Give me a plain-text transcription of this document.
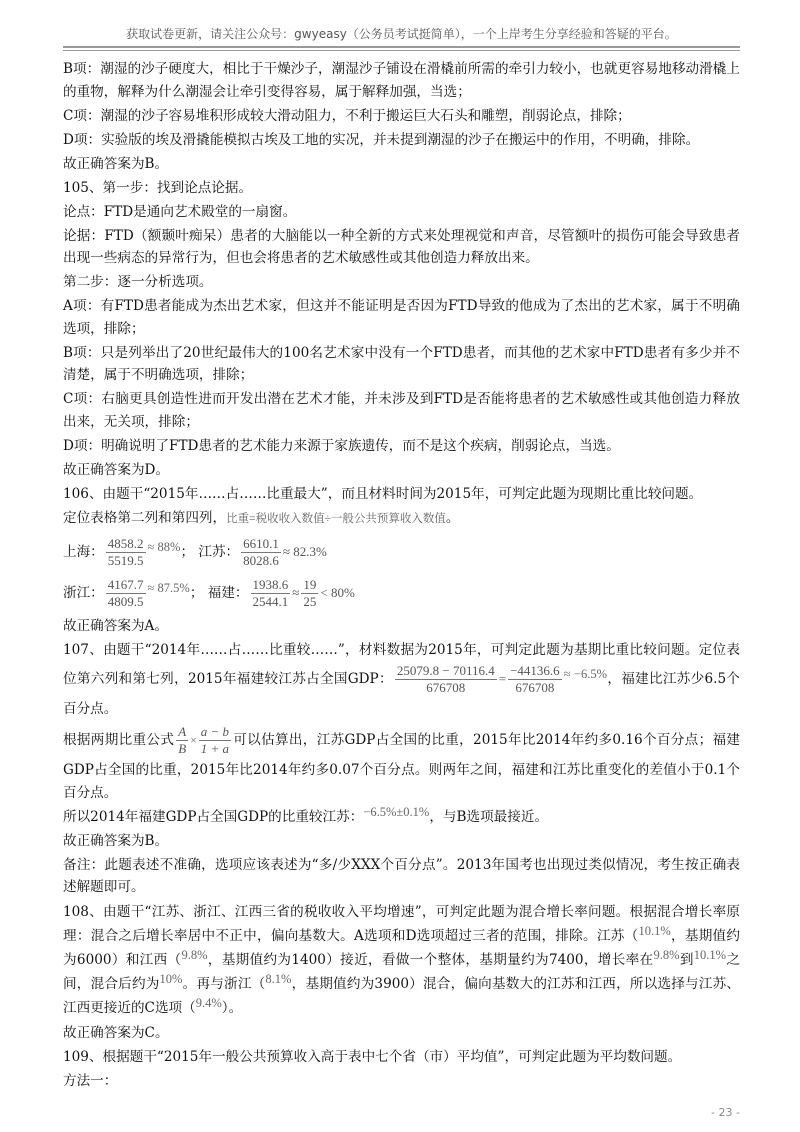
获取试卷更新，请关注公众号：gwyeasy（公务员考试挺简单），一个上岸考生分享经验和答疑的平台。

B项：潮湿的沙子硬度大，相比于干燥沙子，潮湿沙子铺设在滑橇前所需的牵引力较小，也就更容易地移动滑橇上的重物，解释为什么潮湿会让牵引变得容易，属于解释加强，当选；

C项：潮湿的沙子容易堆积形成较大滑动阻力，不利于搬运巨大石头和雕塑，削弱论点，排除；

D项：实验版的埃及滑撬能模拟古埃及工地的实况，并未提到潮湿的沙子在搬运中的作用，不明确，排除。

故正确答案为B。

105、第一步：找到论点论据。

论点：FTD是通向艺术殿堂的一扇窗。

论据：FTD（额颞叶痴呆）患者的大脑能以一种全新的方式来处理视觉和声音，尽管额叶的损伤可能会导致患者出现一些病态的异常行为，但也会将患者的艺术敏感性或其他创造力释放出来。

第二步：逐一分析选项。

A项：有FTD患者能成为杰出艺术家，但这并不能证明是否因为FTD导致的他成为了杰出的艺术家，属于不明确选项，排除；

B项：只是列举出了20世纪最伟大的100名艺术家中没有一个FTD患者，而其他的艺术家中FTD患者有多少并不清楚，属于不明确选项，排除；

C项：右脑更具创造性进而开发出潜在艺术才能，并未涉及到FTD是否能将患者的艺术敏感性或其他创造力释放出来，无关项，排除；

D项：明确说明了FTD患者的艺术能力来源于家族遗传，而不是这个疾病，削弱论点，当选。

故正确答案为D。

106、由题干“2015年……占……比重最大”，而且材料时间为2015年，可判定此题为现期比重比较问题。

定位表格第二列和第四列，比重=税收收入数值÷一般公共预算收入数值。

上海： $\frac{4858.2}{5519.5} \approx 88\%$； 江苏： $\frac{6610.1}{8028.6} \approx 82.3\%$

浙江： $\frac{4167.7}{4809.5} \approx 87.5\%$； 福建： $\frac{1938.6}{2544.1} \approx \frac{19}{25} < 80\%$

故正确答案为A。

107、由题干“2014年……占……比重较……”，材料数据为2015年，可判定此题为基期比重比较问题。定位表位第六列和第七列，2015年福建较江苏占全国GDP： $\frac{25079.8 - 70116.4}{676708} = \frac{-44136.6}{676708} \approx -6.5\%$，福建比江苏少6.5个百分点。

根据两期比重公式 $\frac{A}{B} \times \frac{a - b}{1 + a}$ 可以估算出，江苏GDP占全国的比重，2015年比2014年约多0.16个百分点；福建GDP占全国的比重，2015年比2014年约多0.07个百分点。则两年之间，福建和江苏比重变化的差值小于0.1个百分点。

所以2014年福建GDP占全国GDP的比重较江苏：−6.5%±0.1%，与B选项最接近。

故正确答案为B。

备注：此题表述不准确，选项应该表述为“多/少XXX个百分点”。2013年国考也出现过类似情况，考生按正确表述解题即可。

108、由题干“江苏、浙江、江西三省的税收收入平均增速”，可判定此题为混合增长率问题。根据混合增长率原理：混合之后增长率居中不正中，偏向基数大。A选项和D选项超过三者的范围，排除。江苏（10.1%，基期值约为6000）和江西（9.8%，基期值约为1400）接近，看做一个整体，基期量约为7400，增长率在9.8%到10.1%之间，混合后约为10%。再与浙江（8.1%，基期值约为3900）混合，偏向基数大的江苏和江西，所以选择与江苏、江西更接近的C选项（9.4%）。

故正确答案为C。

109、根据题干“2015年一般公共预算收入高于表中七个省（市）平均值”，可判定此题为平均数问题。

方法一：

- 23 -
